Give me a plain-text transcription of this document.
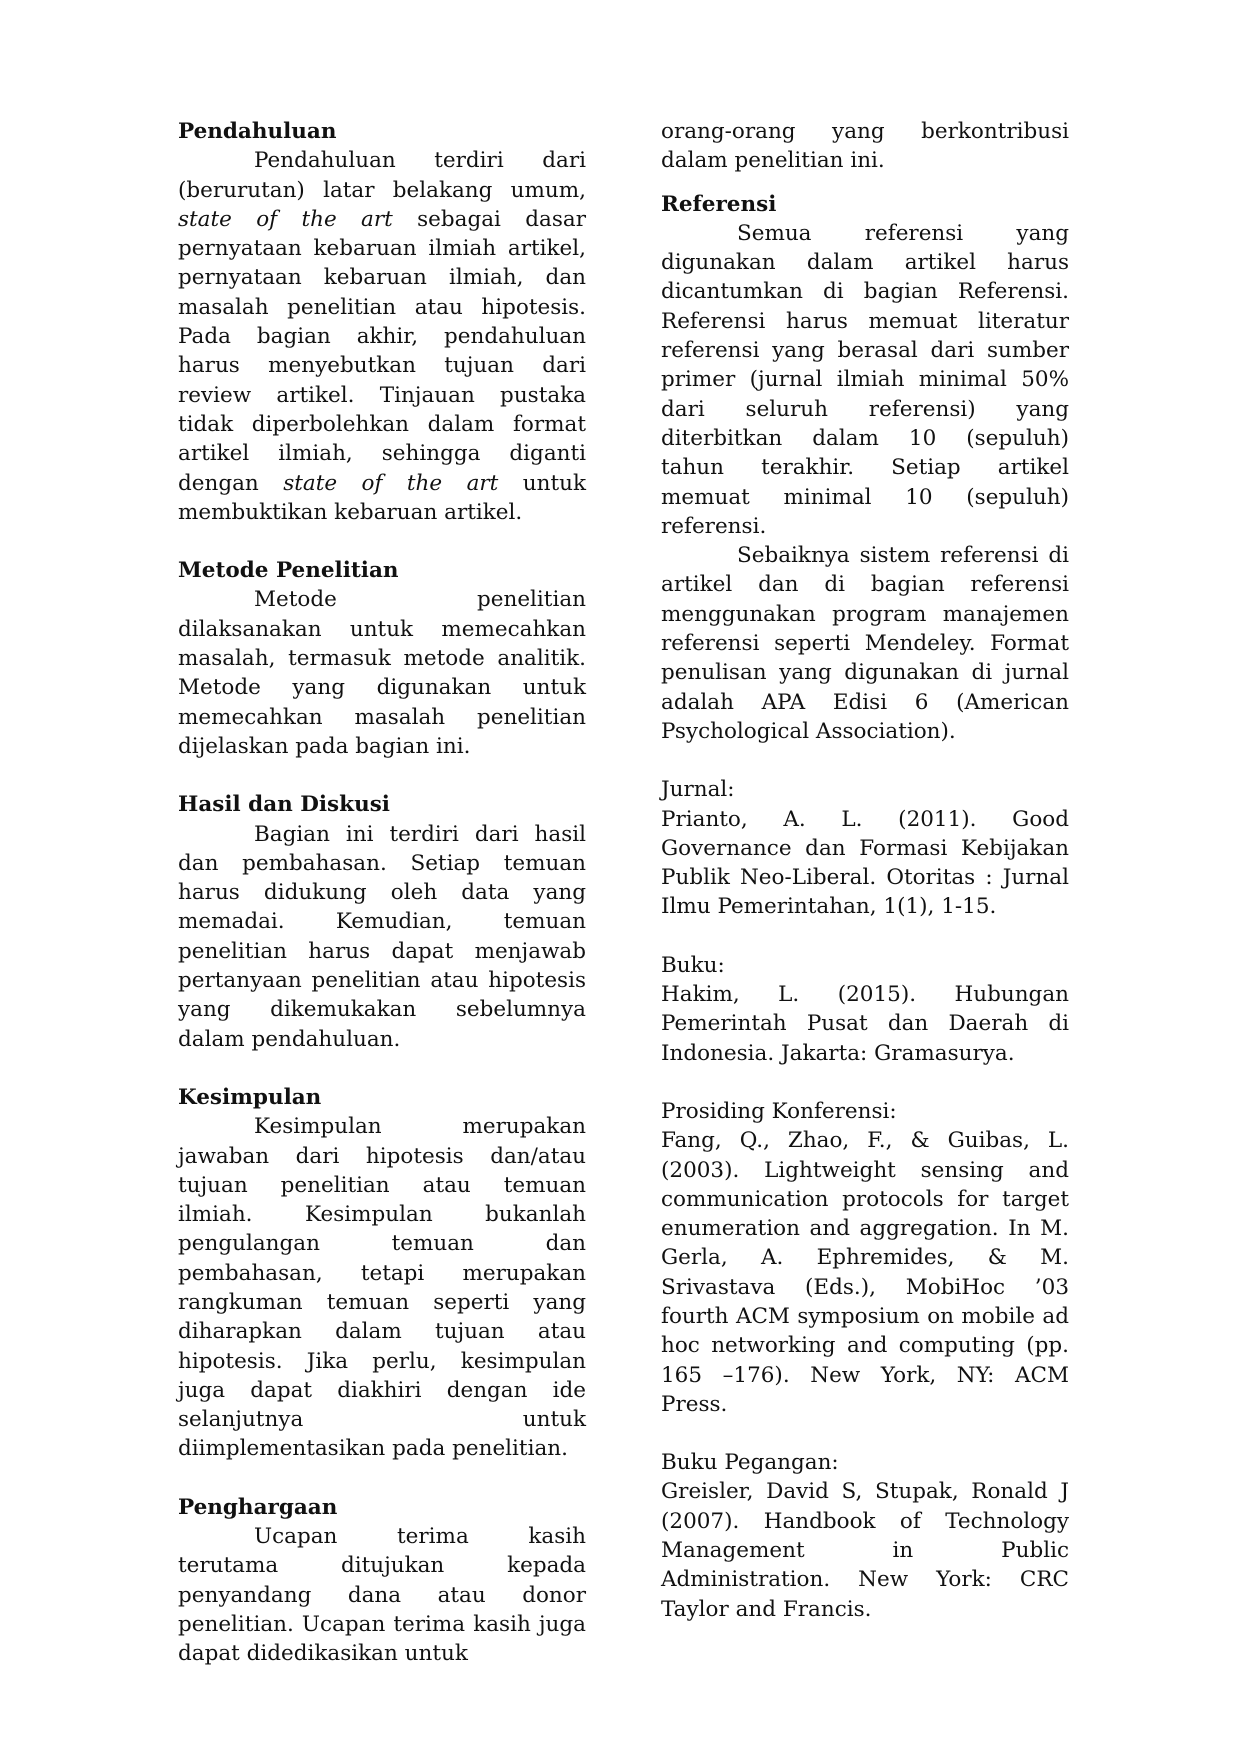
Pendahuluan

Pendahuluan terdiri dari (berurutan) latar belakang umum, state of the art sebagai dasar pernyataan kebaruan ilmiah artikel, pernyataan kebaruan ilmiah, dan masalah penelitian atau hipotesis. Pada bagian akhir, pendahuluan harus menyebutkan tujuan dari review artikel. Tinjauan pustaka tidak diperbolehkan dalam format artikel ilmiah, sehingga diganti dengan state of the art untuk membuktikan kebaruan artikel.

Metode Penelitian

Metode penelitian dilaksanakan untuk memecahkan masalah, termasuk metode analitik. Metode yang digunakan untuk memecahkan masalah penelitian dijelaskan pada bagian ini.

Hasil dan Diskusi

Bagian ini terdiri dari hasil dan pembahasan. Setiap temuan harus didukung oleh data yang memadai. Kemudian, temuan penelitian harus dapat menjawab pertanyaan penelitian atau hipotesis yang dikemukakan sebelumnya dalam pendahuluan.

Kesimpulan

Kesimpulan merupakan jawaban dari hipotesis dan/atau tujuan penelitian atau temuan ilmiah. Kesimpulan bukanlah pengulangan temuan dan pembahasan, tetapi merupakan rangkuman temuan seperti yang diharapkan dalam tujuan atau hipotesis. Jika perlu, kesimpulan juga dapat diakhiri dengan ide selanjutnya untuk diimplementasikan pada penelitian.

Penghargaan

Ucapan terima kasih terutama ditujukan kepada penyandang dana atau donor penelitian. Ucapan terima kasih juga dapat didedikasikan untuk

orang-orang yang berkontribusi dalam penelitian ini.

Referensi

Semua referensi yang digunakan dalam artikel harus dicantumkan di bagian Referensi. Referensi harus memuat literatur referensi yang berasal dari sumber primer (jurnal ilmiah minimal 50% dari seluruh referensi) yang diterbitkan dalam 10 (sepuluh) tahun terakhir. Setiap artikel memuat minimal 10 (sepuluh) referensi.

Sebaiknya sistem referensi di artikel dan di bagian referensi menggunakan program manajemen referensi seperti Mendeley. Format penulisan yang digunakan di jurnal adalah APA Edisi 6 (American Psychological Association).

Jurnal:

Prianto, A. L. (2011). Good Governance dan Formasi Kebijakan Publik Neo-Liberal. Otoritas : Jurnal Ilmu Pemerintahan, 1(1), 1-15.

Buku:

Hakim, L. (2015). Hubungan Pemerintah Pusat dan Daerah di Indonesia. Jakarta: Gramasurya.

Prosiding Konferensi:

Fang, Q., Zhao, F., & Guibas, L. (2003). Lightweight sensing and communication protocols for target enumeration and aggregation. In M. Gerla, A. Ephremides, & M. Srivastava (Eds.), MobiHoc ’03 fourth ACM symposium on mobile ad hoc networking and computing (pp. 165 –176). New York, NY: ACM Press.

Buku Pegangan:

Greisler, David S, Stupak, Ronald J (2007). Handbook of Technology Management in Public Administration. New York: CRC Taylor and Francis.
